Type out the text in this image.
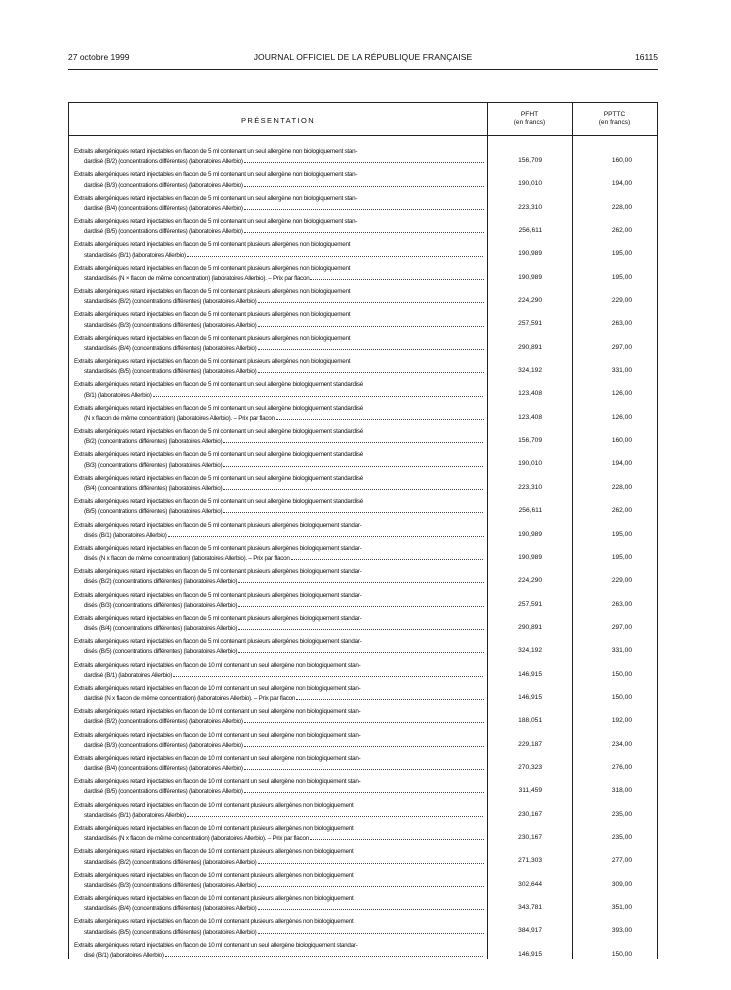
27 octobre 1999	JOURNAL OFFICIEL DE LA RÉPUBLIQUE FRANÇAISE	16115
PRÉSENTATION
PFHT
(en francs)
PPTTC
(en francs)
Extraits allergéniques retard injectables en flacon de 5 ml contenant un seul allergène non biologiquement stan-
dardisé (B/2) (concentrations différentes) (laboratoires Allerbio)	156,709	160,00
Extraits allergéniques retard injectables en flacon de 5 ml contenant un seul allergène non biologiquement stan-
dardisé (B/3) (concentrations différentes) (laboratoires Allerbio)	190,010	194,00
Extraits allergéniques retard injectables en flacon de 5 ml contenant un seul allergène non biologiquement stan-
dardisé (B/4) (concentrations différentes) (laboratoires Allerbio)	223,310	228,00
Extraits allergéniques retard injectables en flacon de 5 ml contenant un seul allergène non biologiquement stan-
dardisé (B/5) (concentrations différentes) (laboratoires Allerbio)	256,611	262,00
Extraits allergéniques retard injectables en flacon de 5 ml contenant plusieurs allergènes non biologiquement
standardisés (B/1) (laboratoires Allerbio)	190,989	195,00
Extraits allergéniques retard injectables en flacon de 5 ml contenant plusieurs allergènes non biologiquement
standardisés (N × flacon de même concentration) (laboratoires Allerbio). – Prix par flacon	190,989	195,00
Extraits allergéniques retard injectables en flacon de 5 ml contenant plusieurs allergènes non biologiquement
standardisés (B/2) (concentrations différentes) (laboratoires Allerbio)	224,290	229,00
Extraits allergéniques retard injectables en flacon de 5 ml contenant plusieurs allergènes non biologiquement
standardisés (B/3) (concentrations différentes) (laboratoires Allerbio)	257,591	263,00
Extraits allergéniques retard injectables en flacon de 5 ml contenant plusieurs allergènes non biologiquement
standardisés (B/4) (concentrations différentes) (laboratoires Allerbio)	290,891	297,00
Extraits allergéniques retard injectables en flacon de 5 ml contenant plusieurs allergènes non biologiquement
standardisés (B/5) (concentrations différentes) (laboratoires Allerbio)	324,192	331,00
Extraits allergéniques retard injectables en flacon de 5 ml contenant un seul allergène biologiquement standardisé
(B/1) (laboratoires Allerbio)	123,408	126,00
Extraits allergéniques retard injectables en flacon de 5 ml contenant un seul allergène biologiquement standardisé
(N x flacon de même concentration) (laboratoires Allerbio). – Prix par flacon	123,408	126,00
Extraits allergéniques retard injectables en flacon de 5 ml contenant un seul allergène biologiquement standardisé
(B/2) (concentrations différentes) (laboratoires Allerbio)	156,709	160,00
Extraits allergéniques retard injectables en flacon de 5 ml contenant un seul allergène biologiquement standardisé
(B/3) (concentrations différentes) (laboratoires Allerbio)	190,010	194,00
Extraits allergéniques retard injectables en flacon de 5 ml contenant un seul allergène biologiquement standardisé
(B/4) (concentrations différentes) (laboratoires Allerbio)	223,310	228,00
Extraits allergéniques retard injectables en flacon de 5 ml contenant un seul allergène biologiquement standardisé
(B/5) (concentrations différentes) (laboratoires Allerbio)	256,611	262,00
Extraits allergéniques retard injectables en flacon de 5 ml contenant plusieurs allergènes biologiquement standar-
disés (B/1) (laboratoires Allerbio)	190,989	195,00
Extraits allergéniques retard injectables en flacon de 5 ml contenant plusieurs allergènes biologiquement standar-
disés (N x flacon de même concentration) (laboratoires Allerbio). – Prix par flacon	190,989	195,00
Extraits allergéniques retard injectables en flacon de 5 ml contenant plusieurs allergènes biologiquement standar-
disés (B/2) (concentrations différentes) (laboratoires Allerbio)	224,290	229,00
Extraits allergéniques retard injectables en flacon de 5 ml contenant plusieurs allergènes biologiquement standar-
disés (B/3) (concentrations différentes) (laboratoires Allerbio)	257,591	263,00
Extraits allergéniques retard injectables en flacon de 5 ml contenant plusieurs allergènes biologiquement standar-
disés (B/4) (concentrations différentes) (laboratoires Allerbio)	290,891	297,00
Extraits allergéniques retard injectables en flacon de 5 ml contenant plusieurs allergènes biologiquement standar-
disés (B/5) (concentrations différentes) (laboratoires Allerbio)	324,192	331,00
Extraits allergéniques retard injectables en flacon de 10 ml contenant un seul allergène non biologiquement stan-
dardisé (B/1) (laboratoires Allerbio)	146,915	150,00
Extraits allergéniques retard injectables en flacon de 10 ml contenant un seul allergène non biologiquement stan-
dardisé (N x flacon de même concentration) (laboratoires Allerbio). – Prix par flacon	146,915	150,00
Extraits allergéniques retard injectables en flacon de 10 ml contenant un seul allergène non biologiquement stan-
dardisé (B/2) (concentrations différentes) (laboratoires Allerbio)	188,051	192,00
Extraits allergéniques retard injectables en flacon de 10 ml contenant un seul allergène non biologiquement stan-
dardisé (B/3) (concentrations différentes) (laboratoires Allerbio)	229,187	234,00
Extraits allergéniques retard injectables en flacon de 10 ml contenant un seul allergène non biologiquement stan-
dardisé (B/4) (concentrations différentes) (laboratoires Allerbio)	270,323	276,00
Extraits allergéniques retard injectables en flacon de 10 ml contenant un seul allergène non biologiquement stan-
dardisé (B/5) (concentrations différentes) (laboratoires Allerbio)	311,459	318,00
Extraits allergéniques retard injectables en flacon de 10 ml contenant plusieurs allergènes non biologiquement
standardisés (B/1) (laboratoires Allerbio)	230,167	235,00
Extraits allergéniques retard injectables en flacon de 10 ml contenant plusieurs allergènes non biologiquement
standardisés (N x flacon de même concentration) (laboratoires Allerbio). – Prix par flacon	230,167	235,00
Extraits allergéniques retard injectables en flacon de 10 ml contenant plusieurs allergènes non biologiquement
standardisés (B/2) (concentrations différentes) (laboratoires Allerbio)	271,303	277,00
Extraits allergéniques retard injectables en flacon de 10 ml contenant plusieurs allergènes non biologiquement
standardisés (B/3) (concentrations différentes) (laboratoires Allerbio)	302,644	309,00
Extraits allergéniques retard injectables en flacon de 10 ml contenant plusieurs allergènes non biologiquement
standardisés (B/4) (concentrations différentes) (laboratoires Allerbio)	343,781	351,00
Extraits allergéniques retard injectables en flacon de 10 ml contenant plusieurs allergènes non biologiquement
standardisés (B/5) (concentrations différentes) (laboratoires Allerbio)	384,917	393,00
Extraits allergéniques retard injectables en flacon de 10 ml contenant un seul allergène biologiquement standar-
disé (B/1) (laboratoires Allerbio)	146,915	150,00
